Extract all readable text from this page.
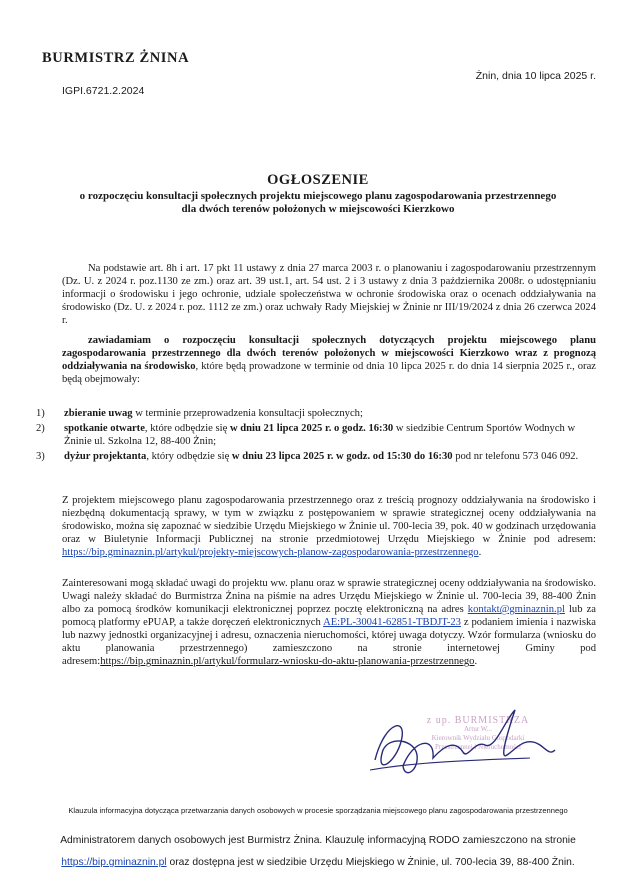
BURMISTRZ ŻNINA
IGPI.6721.2.2024
Żnin, dnia 10 lipca 2025 r.
OGŁOSZENIE
o rozpoczęciu konsultacji społecznych projektu miejscowego planu zagospodarowania przestrzennego
dla dwóch terenów położonych w miejscowości Kierzkowo
Na podstawie art. 8h i art. 17 pkt 11 ustawy z dnia 27 marca 2003 r. o planowaniu i zagospodarowaniu przestrzennym (Dz. U. z 2024 r. poz.1130 ze zm.) oraz art. 39 ust.1, art. 54 ust. 2 i 3 ustawy z dnia 3 października 2008r. o udostępnianiu informacji o środowisku i jego ochronie, udziale społeczeństwa w ochronie środowiska oraz o ocenach oddziaływania na środowisko (Dz. U. z 2024 r. poz. 1112 ze zm.) oraz uchwały Rady Miejskiej w Żninie nr III/19/2024 z dnia 26 czerwca 2024 r.
zawiadamiam o rozpoczęciu konsultacji społecznych dotyczących projektu miejscowego planu zagospodarowania przestrzennego dla dwóch terenów położonych w miejscowości Kierzkowo wraz z prognozą oddziaływania na środowisko, które będą prowadzone w terminie od dnia 10 lipca 2025 r. do dnia 14 sierpnia 2025 r., oraz będą obejmowały:
1) zbieranie uwag w terminie przeprowadzenia konsultacji społecznych;
2) spotkanie otwarte, które odbędzie się w dniu 21 lipca 2025 r. o godz. 16:30 w siedzibie Centrum Sportów Wodnych w Żninie ul. Szkolna 12, 88-400 Żnin;
3) dyżur projektanta, który odbędzie się w dniu 23 lipca 2025 r. w godz. od 15:30 do 16:30 pod nr telefonu 573 046 092.
Z projektem miejscowego planu zagospodarowania przestrzennego oraz z treścią prognozy oddziaływania na środowisko i niezbędną dokumentacją sprawy, w tym w związku z postępowaniem w sprawie strategicznej oceny oddziaływania na środowisko, można się zapoznać w siedzibie Urzędu Miejskiego w Żninie ul. 700-lecia 39, pok. 40 w godzinach urzędowania oraz w Biuletynie Informacji Publicznej na stronie przedmiotowej Urzędu Miejskiego w Żninie pod adresem: https://bip.gminaznin.pl/artykul/projekty-miejscowych-planow-zagospodarowania-przestrzennego.
Zainteresowani mogą składać uwagi do projektu ww. planu oraz w sprawie strategicznej oceny oddziaływania na środowisko. Uwagi należy składać do Burmistrza Żnina na piśmie na adres Urzędu Miejskiego w Żninie ul. 700-lecia 39, 88-400 Żnin albo za pomocą środków komunikacji elektronicznej poprzez pocztę elektroniczną na adres kontakt@gminaznin.pl lub za pomocą platformy ePUAP, a także doręczeń elektronicznych AE:PL-30041-62851-TBDJT-23 z podaniem imienia i nazwiska lub nazwy jednostki organizacyjnej i adresu, oznaczenia nieruchomości, której uwaga dotyczy. Wzór formularza (wniosku do aktu planowania przestrzennego) zamieszczono na stronie internetowej Gminy pod adresem:https://bip.gminaznin.pl/artykul/formularz-wniosku-do-aktu-planowania-przestrzennego.
z up. BURMISTRZA
Artur W...
Kierownik Wydziału Gospodarki
Przestrzennej i Nieruchomości
Klauzula informacyjna dotycząca przetwarzania danych osobowych w procesie sporządzania miejscowego planu zagospodarowania przestrzennego
Administratorem danych osobowych jest Burmistrz Żnina. Klauzulę informacyjną RODO zamieszczono na stronie
https://bip.gminaznin.pl oraz dostępna jest w siedzibie Urzędu Miejskiego w Żninie, ul. 700-lecia 39, 88-400 Żnin.
